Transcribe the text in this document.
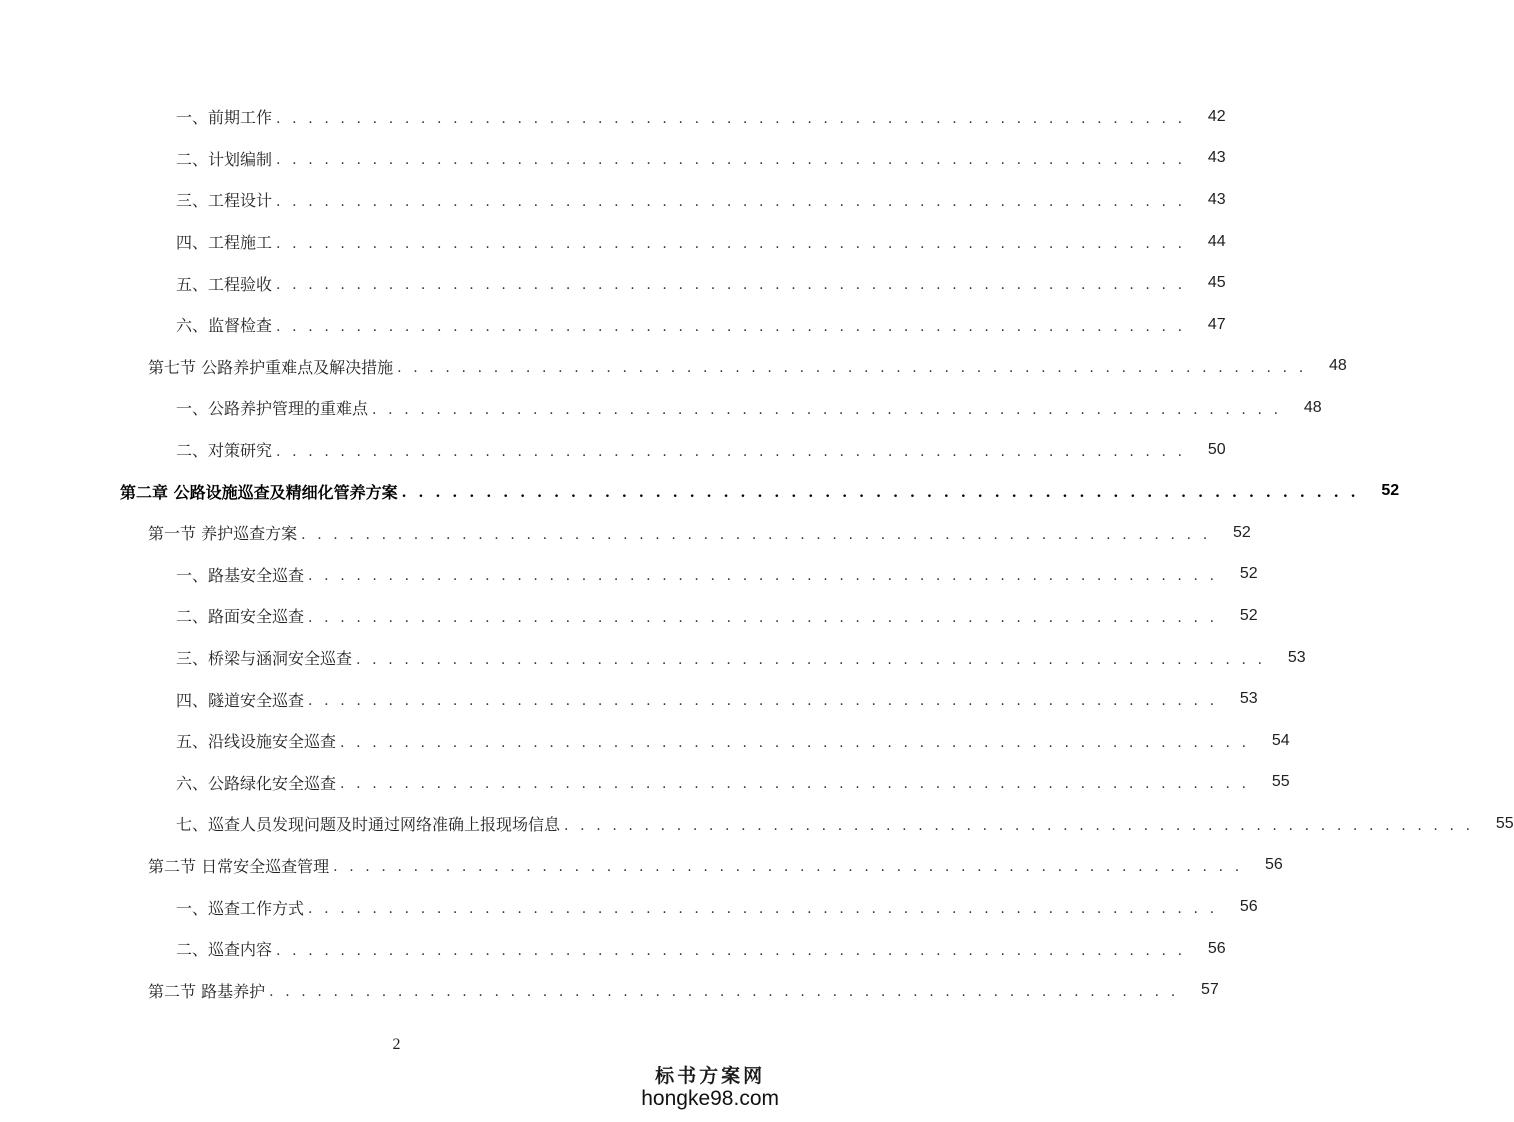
一、前期工作 . . . . . . . . . . . . . . . . . . . . . . . . . . . . . . . . . . . . . . . . . . . . . . . . . . . . . . . . .	42
二、计划编制 . . . . . . . . . . . . . . . . . . . . . . . . . . . . . . . . . . . . . . . . . . . . . . . . . . . . . . . . .	43
三、工程设计 . . . . . . . . . . . . . . . . . . . . . . . . . . . . . . . . . . . . . . . . . . . . . . . . . . . . . . . . .	43
四、工程施工 . . . . . . . . . . . . . . . . . . . . . . . . . . . . . . . . . . . . . . . . . . . . . . . . . . . . . . . . .	44
五、工程验收 . . . . . . . . . . . . . . . . . . . . . . . . . . . . . . . . . . . . . . . . . . . . . . . . . . . . . . . . .	45
六、监督检查 . . . . . . . . . . . . . . . . . . . . . . . . . . . . . . . . . . . . . . . . . . . . . . . . . . . . . . . . .	47
第七节 公路养护重难点及解决措施 . . . . . . . . . . . . . . . . . . . . . . . . . . . . . . . . . . . . . . . . . . . . . . . . . . . . . . . . .	48
一、公路养护管理的重难点 . . . . . . . . . . . . . . . . . . . . . . . . . . . . . . . . . . . . . . . . . . . . . . . . . . . . . . . . .	48
二、对策研究 . . . . . . . . . . . . . . . . . . . . . . . . . . . . . . . . . . . . . . . . . . . . . . . . . . . . . . . . .	50
第二章 公路设施巡查及精细化管养方案 . . . . . . . . . . . . . . . . . . . . . . . . . . . . . . . . . . . . . . . . . . . . . . . . . . . . . . . . .	52
第一节 养护巡查方案 . . . . . . . . . . . . . . . . . . . . . . . . . . . . . . . . . . . . . . . . . . . . . . . . . . . . . . . . .	52
一、路基安全巡查 . . . . . . . . . . . . . . . . . . . . . . . . . . . . . . . . . . . . . . . . . . . . . . . . . . . . . . . . .	52
二、路面安全巡查 . . . . . . . . . . . . . . . . . . . . . . . . . . . . . . . . . . . . . . . . . . . . . . . . . . . . . . . . .	52
三、桥梁与涵洞安全巡查 . . . . . . . . . . . . . . . . . . . . . . . . . . . . . . . . . . . . . . . . . . . . . . . . . . . . . . . . .	53
四、隧道安全巡查 . . . . . . . . . . . . . . . . . . . . . . . . . . . . . . . . . . . . . . . . . . . . . . . . . . . . . . . . .	53
五、沿线设施安全巡查 . . . . . . . . . . . . . . . . . . . . . . . . . . . . . . . . . . . . . . . . . . . . . . . . . . . . . . . . .	54
六、公路绿化安全巡查 . . . . . . . . . . . . . . . . . . . . . . . . . . . . . . . . . . . . . . . . . . . . . . . . . . . . . . . . .	55
七、巡查人员发现问题及时通过网络准确上报现场信息 . . . . . . . . . . . . . . . . . . . . . . . . . . . . . . . . . . . . . . . . . . . . . . . . . . . . . . . . .	55
第二节 日常安全巡查管理 . . . . . . . . . . . . . . . . . . . . . . . . . . . . . . . . . . . . . . . . . . . . . . . . . . . . . . . . .	56
一、巡查工作方式 . . . . . . . . . . . . . . . . . . . . . . . . . . . . . . . . . . . . . . . . . . . . . . . . . . . . . . . . .	56
二、巡查内容 . . . . . . . . . . . . . . . . . . . . . . . . . . . . . . . . . . . . . . . . . . . . . . . . . . . . . . . . .	56
第二节 路基养护 . . . . . . . . . . . . . . . . . . . . . . . . . . . . . . . . . . . . . . . . . . . . . . . . . . . . . . . . .	57
2
标书方案网
hongke98.com
